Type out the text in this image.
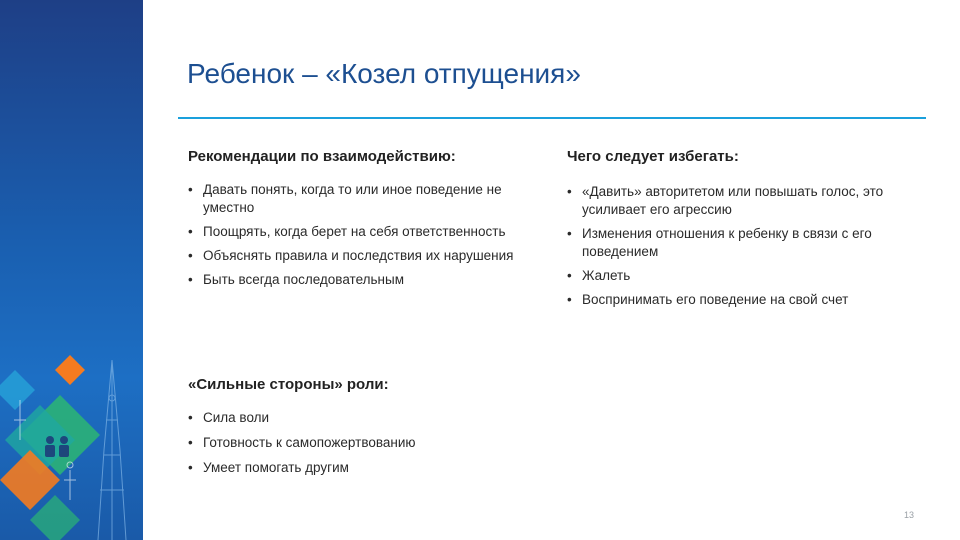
Ребенок – «Козел отпущения»
Рекомендации по взаимодействию:
• Давать понять, когда то или иное поведение не уместно
• Поощрять, когда берет на себя ответственность
• Объяснять правила и последствия их нарушения
• Быть всегда последовательным
Чего следует избегать:
• «Давить» авторитетом или повышать голос, это усиливает его агрессию
• Изменения отношения к ребенку в связи с его поведением
• Жалеть
• Воспринимать его поведение на свой счет
«Сильные стороны» роли:
• Сила воли
• Готовность к самопожертвованию
• Умеет помогать другим
13
